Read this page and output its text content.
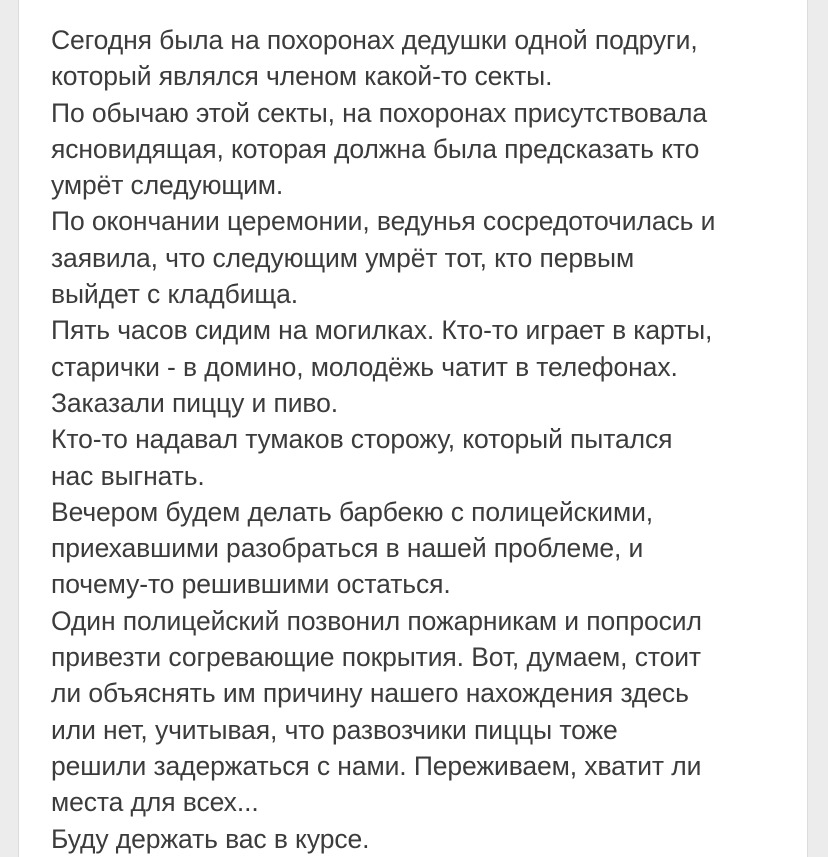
Сегодня была на похоронах дедушки одной подруги,
который являлся членом какой-то секты.
По обычаю этой секты, на похоронах присутствовала
ясновидящая, которая должна была предсказать кто
умрёт следующим.
По окончании церемонии, ведунья сосредоточилась и
заявила, что следующим умрёт тот, кто первым
выйдет с кладбища.
Пять часов сидим на могилках. Кто-то играет в карты,
старички - в домино, молодёжь чатит в телефонах.
Заказали пиццу и пиво.
Кто-то надавал тумаков сторожу, который пытался
нас выгнать.
Вечером будем делать барбекю с полицейскими,
приехавшими разобраться в нашей проблеме, и
почему-то решившими остаться.
Один полицейский позвонил пожарникам и попросил
привезти согревающие покрытия. Вот, думаем, стоит
ли объяснять им причину нашего нахождения здесь
или нет, учитывая, что развозчики пиццы тоже
решили задержаться с нами. Переживаем, хватит ли
места для всех...
Буду держать вас в курсе.
